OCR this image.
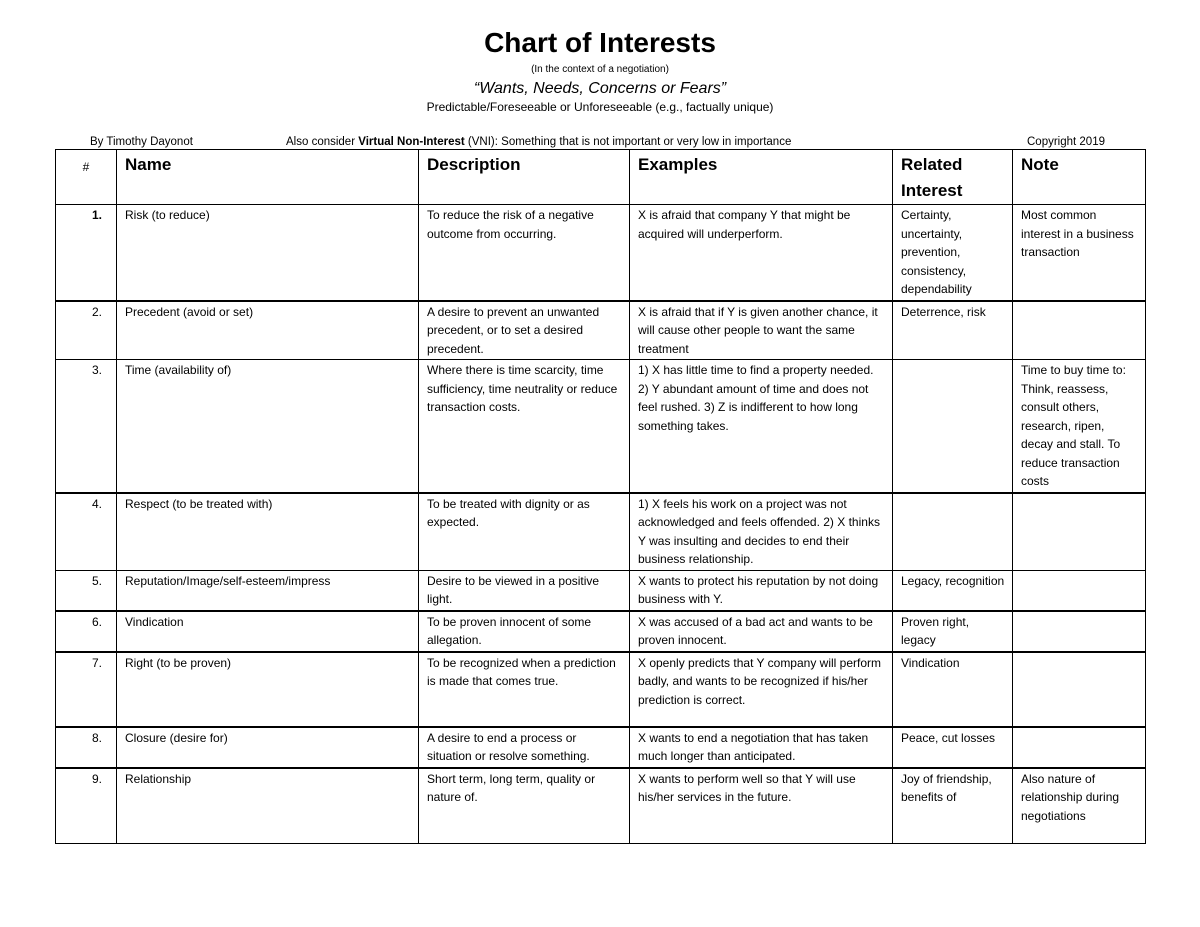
Chart of Interests
(In the context of a negotiation)
“Wants, Needs, Concerns or Fears”
Predictable/Foreseeable or Unforeseeable (e.g., factually unique)
By Timothy Dayonot	Also consider Virtual Non-Interest (VNI): Something that is not important or very low in importance	Copyright 2019
#	Name	Description	Examples	Related Interest	Note
1.	Risk (to reduce)	To reduce the risk of a negative outcome from occurring.	X is afraid that company Y that might be acquired will underperform.	Certainty, uncertainty, prevention, consistency, dependability	Most common interest in a business transaction
2.	Precedent (avoid or set)	A desire to prevent an unwanted precedent, or to set a desired precedent.	X is afraid that if Y is given another chance, it will cause other people to want the same treatment	Deterrence, risk	
3.	Time (availability of)	Where there is time scarcity, time sufficiency, time neutrality or reduce transaction costs.	1) X has little time to find a property needed. 2) Y abundant amount of time and does not feel rushed. 3) Z is indifferent to how long something takes.		Time to buy time to: Think, reassess, consult others, research, ripen, decay and stall. To reduce transaction costs
4.	Respect (to be treated with)	To be treated with dignity or as expected.	1) X feels his work on a project was not acknowledged and feels offended. 2) X thinks Y was insulting and decides to end their business relationship.		
5.	Reputation/Image/self-esteem/impress	Desire to be viewed in a positive light.	X wants to protect his reputation by not doing business with Y.	Legacy, recognition	
6.	Vindication	To be proven innocent of some allegation.	X was accused of a bad act and wants to be proven innocent.	Proven right, legacy	
7.	Right (to be proven)	To be recognized when a prediction is made that comes true.	X openly predicts that Y company will perform badly, and wants to be recognized if his/her prediction is correct.	Vindication	
8.	Closure (desire for)	A desire to end a process or situation or resolve something.	X wants to end a negotiation that has taken much longer than anticipated.	Peace, cut losses	
9.	Relationship	Short term, long term, quality or nature of.	X wants to perform well so that Y will use his/her services in the future.	Joy of friendship, benefits of	Also nature of relationship during negotiations
